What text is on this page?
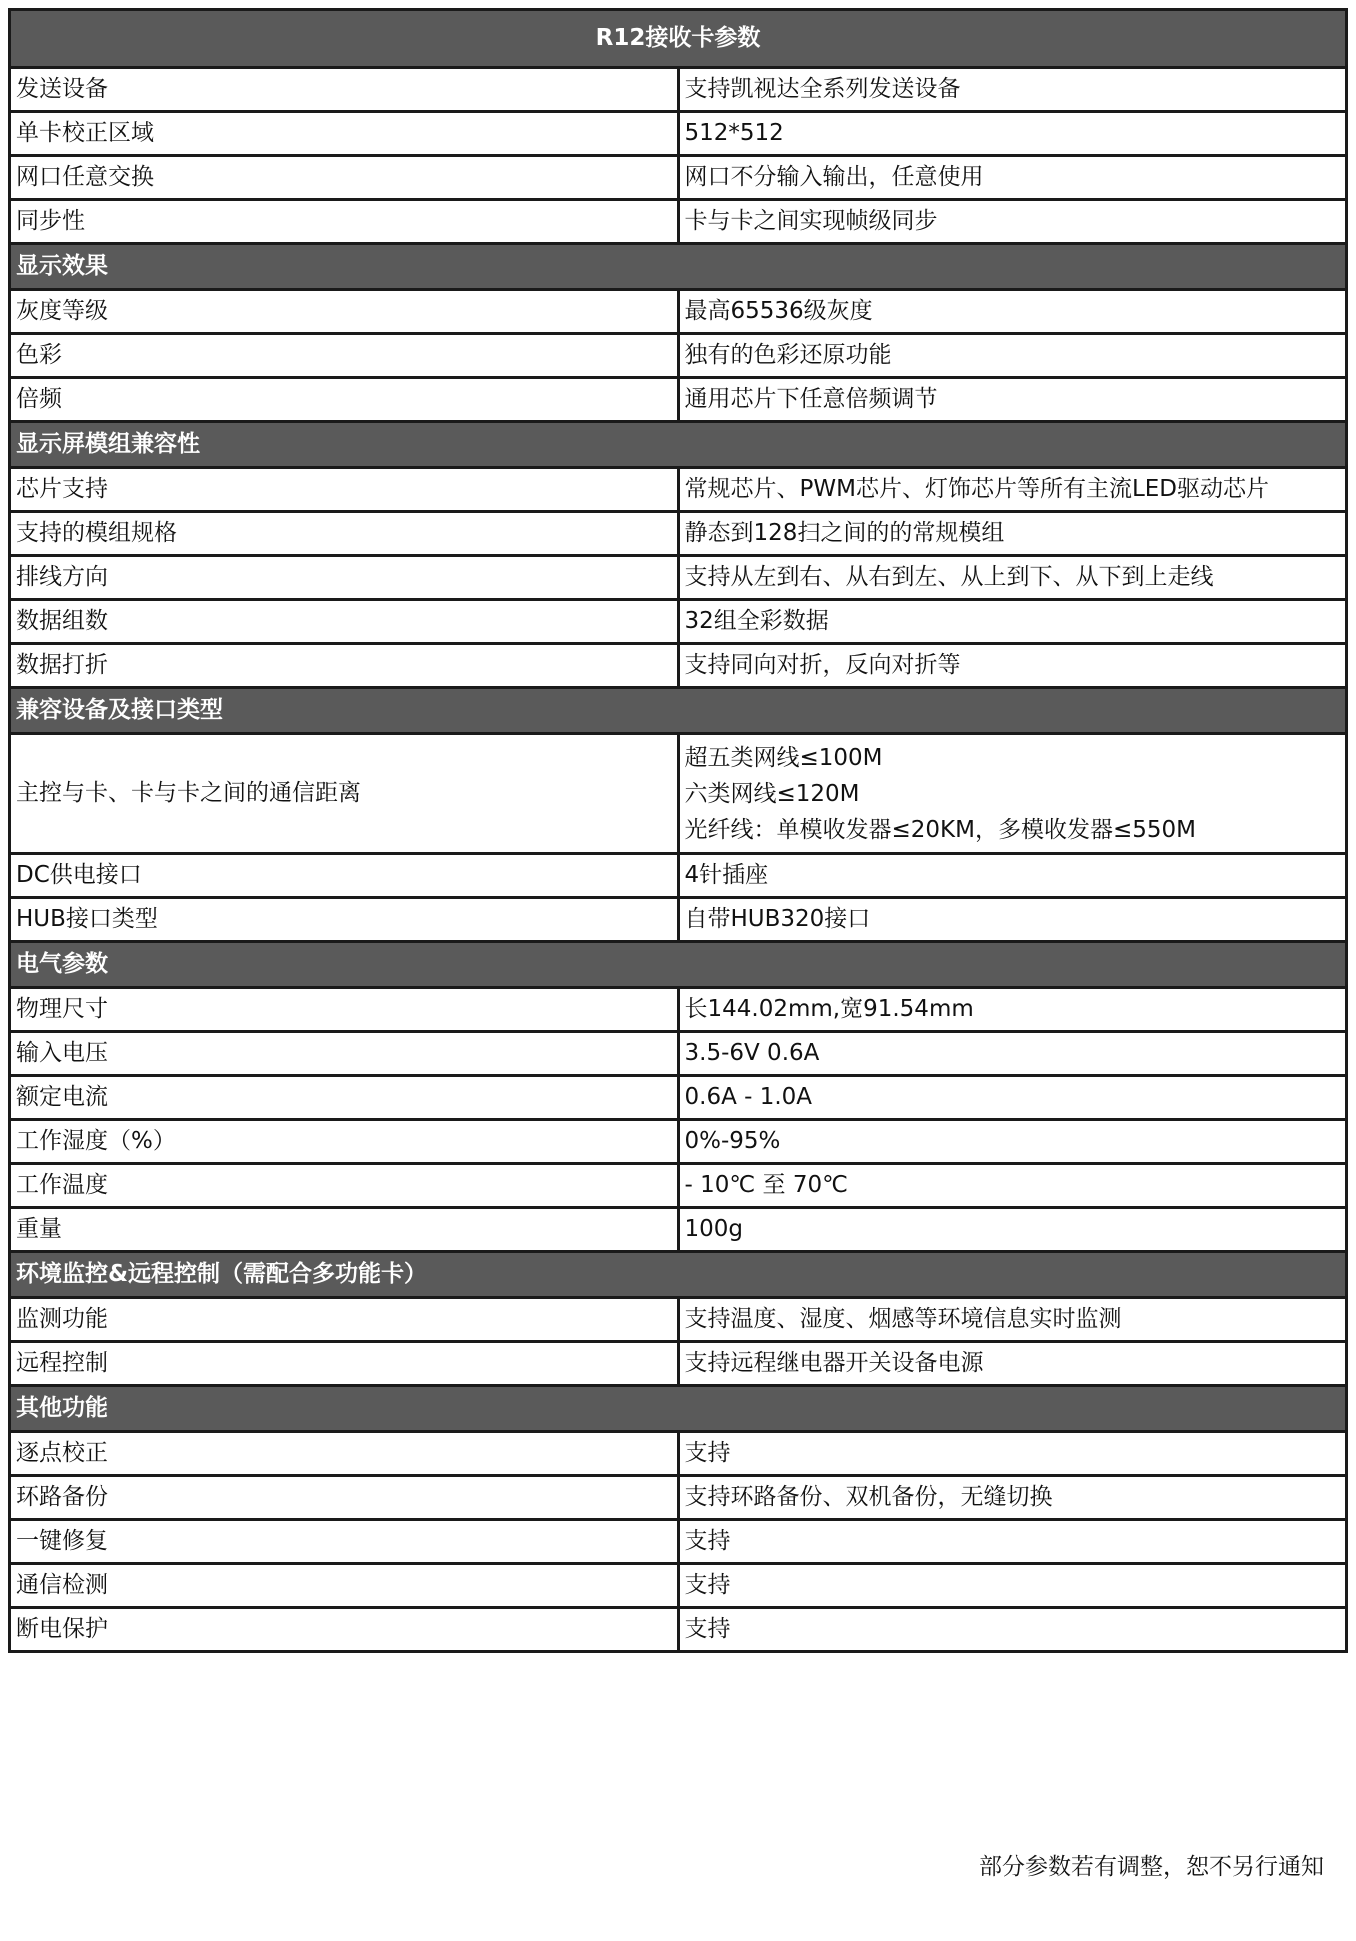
R12接收卡参数	
发送设备	支持凯视达全系列发送设备
单卡校正区域	512*512
网口任意交换	网口不分输入输出，任意使用
同步性	卡与卡之间实现帧级同步
显示效果	
灰度等级	最高65536级灰度
色彩	独有的色彩还原功能
倍频	通用芯片下任意倍频调节
显示屏模组兼容性	
芯片支持	常规芯片、PWM芯片、灯饰芯片等所有主流LED驱动芯片
支持的模组规格	静态到128扫之间的的常规模组
排线方向	支持从左到右、从右到左、从上到下、从下到上走线
数据组数	32组全彩数据
数据打折	支持同向对折，反向对折等
兼容设备及接口类型	
主控与卡、卡与卡之间的通信距离	超五类网线≤100M
六类网线≤120M
光纤线：单模收发器≤20KM，多模收发器≤550M

DC供电接口	4针插座
HUB接口类型	自带HUB320接口
电气参数	
物理尺寸	长144.02mm,宽91.54mm
输入电压	3.5-6V 0.6A
额定电流	0.6A - 1.0A
工作湿度（%）	0%-95%
工作温度	- 10℃ 至 70℃
重量	100g
环境监控&远程控制（需配合多功能卡）	
监测功能	支持温度、湿度、烟感等环境信息实时监测
远程控制	支持远程继电器开关设备电源
其他功能	
逐点校正	支持
环路备份	支持环路备份、双机备份，无缝切换
一键修复	支持
通信检测	支持
断电保护	支持
部分参数若有调整，恕不另行通知
